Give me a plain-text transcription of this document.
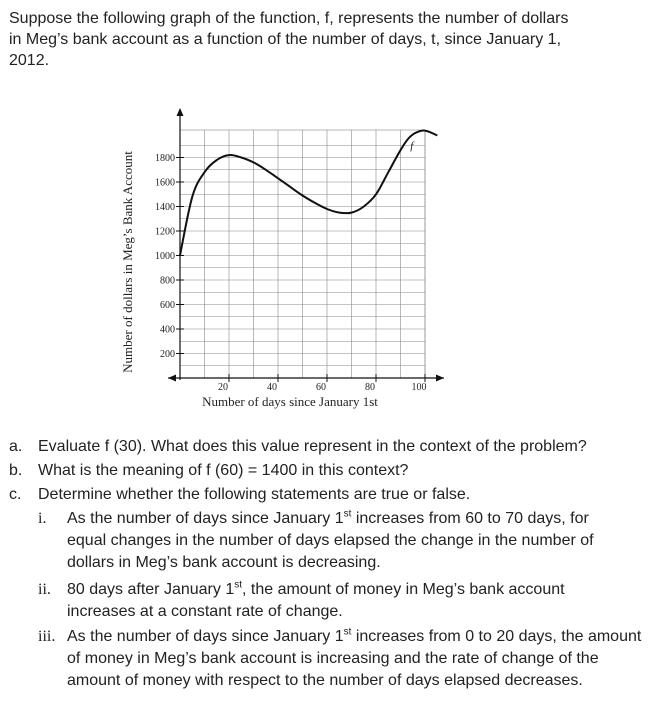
Suppose the following graph of the function, f, represents the number of dollars

in Meg’s bank account as a function of the number of days, t, since January 1,

2012.

200
400
600
800
1000
1200
1400
1600
1800
20	40	60	80	100
f
Number of days since January 1st
Number of dollars in Meg’s Bank Account
a. Evaluate f (30). What does this value represent in the context of the problem?
b. What is the meaning of f (60) = 1400 in this context?
c. Determine whether the following statements are true or false.
i. As the number of days since January 1st increases from 60 to 70 days, for
equal changes in the number of days elapsed the change in the number of
dollars in Meg’s bank account is decreasing.
ii. 80 days after January 1st, the amount of money in Meg’s bank account
increases at a constant rate of change.
iii. As the number of days since January 1st increases from 0 to 20 days, the amount
of money in Meg’s bank account is increasing and the rate of change of the
amount of money with respect to the number of days elapsed decreases.
